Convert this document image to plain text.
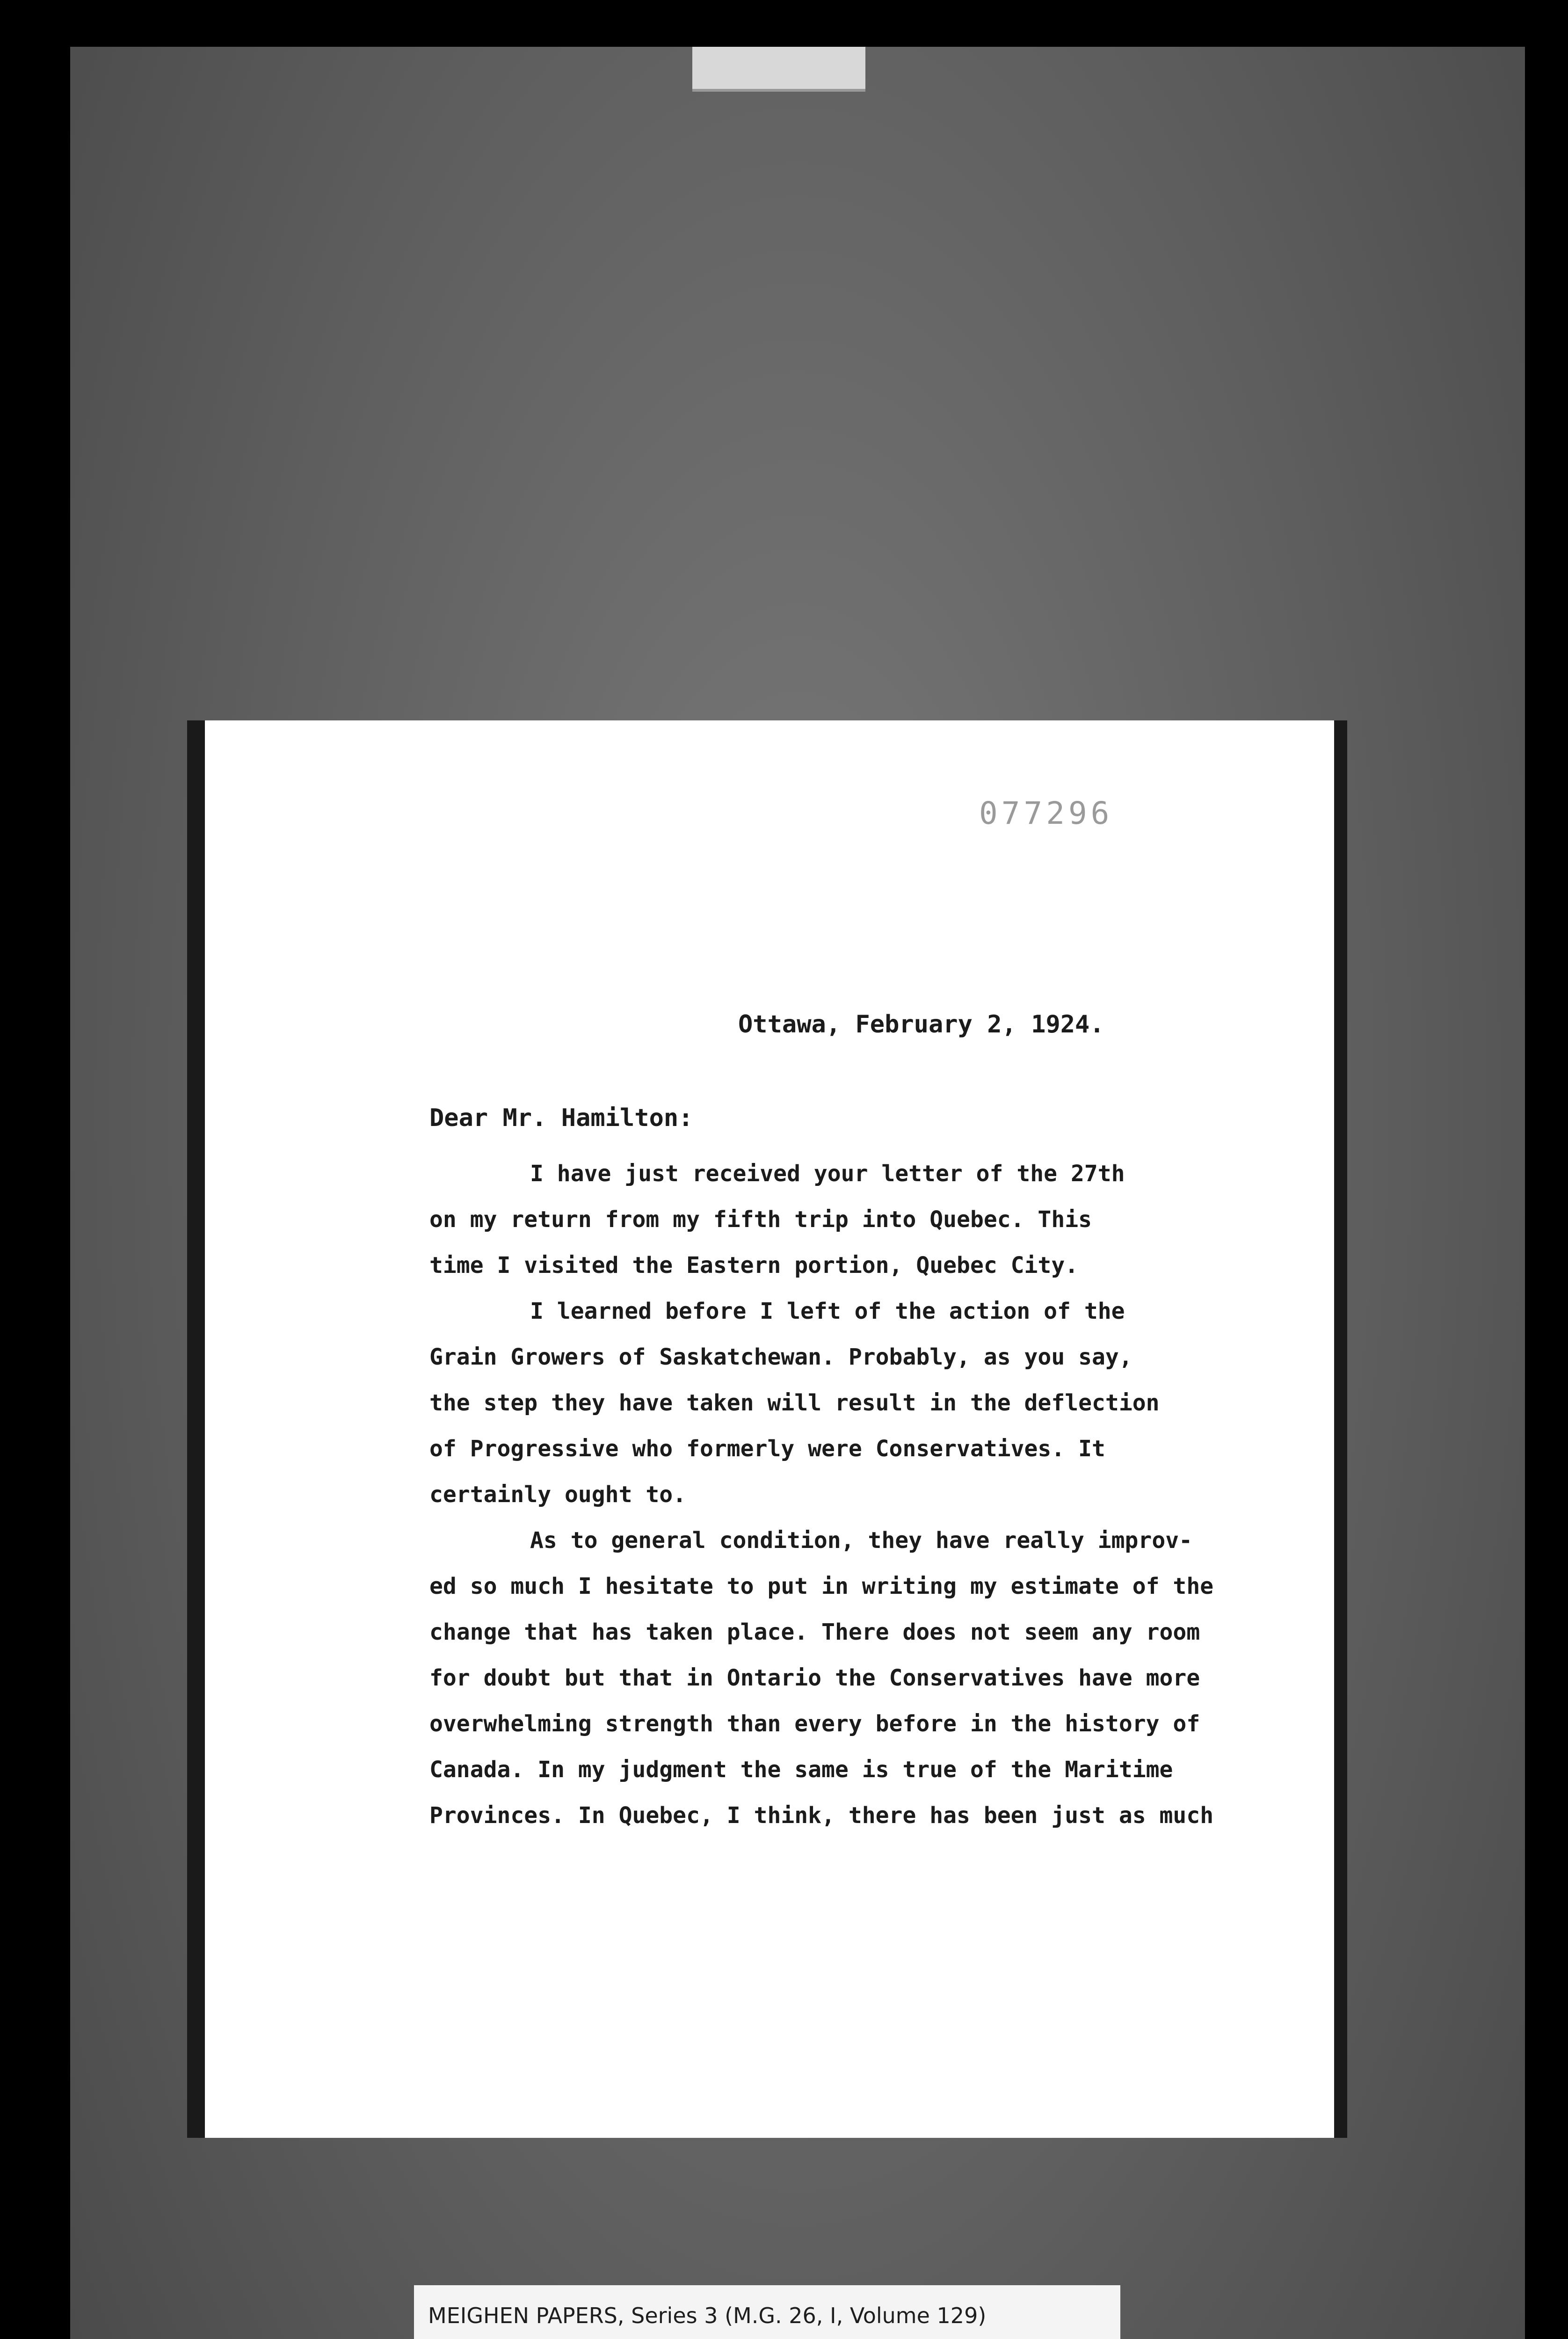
077296
Ottawa, February 2, 1924.
Dear Mr. Hamilton:
I have just received your letter of the 27th
on my return from my fifth trip into Quebec. This
time I visited the Eastern portion, Quebec City.
I learned before I left of the action of the
Grain Growers of Saskatchewan. Probably, as you say,
the step they have taken will result in the deflection
of Progressive who formerly were Conservatives. It
certainly ought to.
As to general condition, they have really improv-
ed so much I hesitate to put in writing my estimate of the
change that has taken place. There does not seem any room
for doubt but that in Ontario the Conservatives have more
overwhelming strength than every before in the history of
Canada. In my judgment the same is true of the Maritime
Provinces. In Quebec, I think, there has been just as much
MEIGHEN PAPERS, Series 3 (M.G. 26, I, Volume 129)
